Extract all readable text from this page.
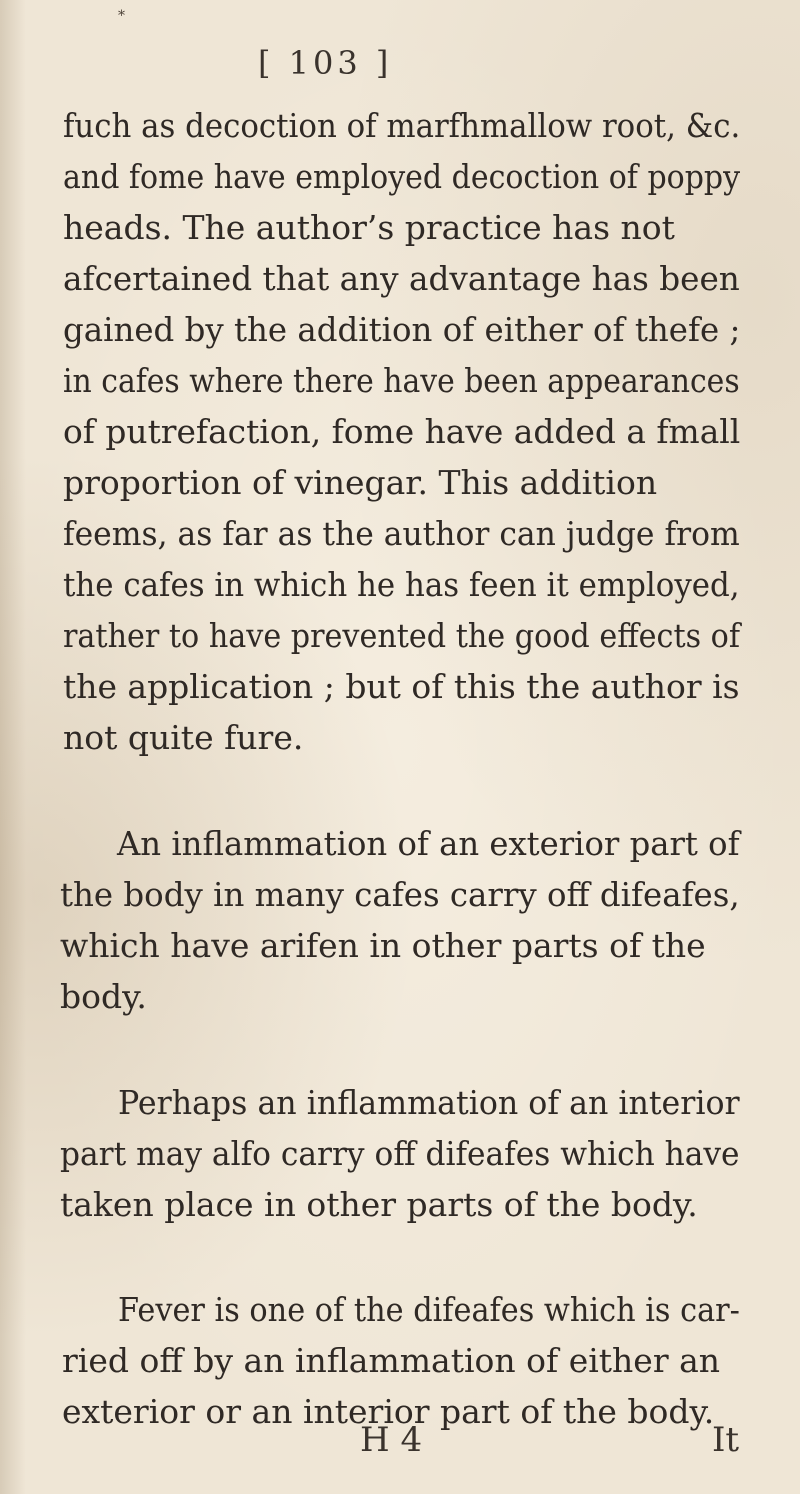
*
[ 103 ]
fuch as decoction of marfhmallow root, &c.
and fome have employed decoction of poppy
heads. The author’s practice has not
afcertained that any advantage has been
gained by the addition of either of thefe ;
in cafes where there have been appearances
of putrefaction, fome have added a fmall
proportion of vinegar. This addition
feems, as far as the author can judge from
the cafes in which he has feen it employed,
rather to have prevented the good effects of
the application ; but of this the author is
not quite fure.
An inflammation of an exterior part of
the body in many cafes carry off difeafes,
which have arifen in other parts of the
body.
Perhaps an inflammation of an interior
part may alfo carry off difeafes which have
taken place in other parts of the body.
Fever is one of the difeafes which is car-
ried off by an inflammation of either an
exterior or an interior part of the body.
H 4	It
